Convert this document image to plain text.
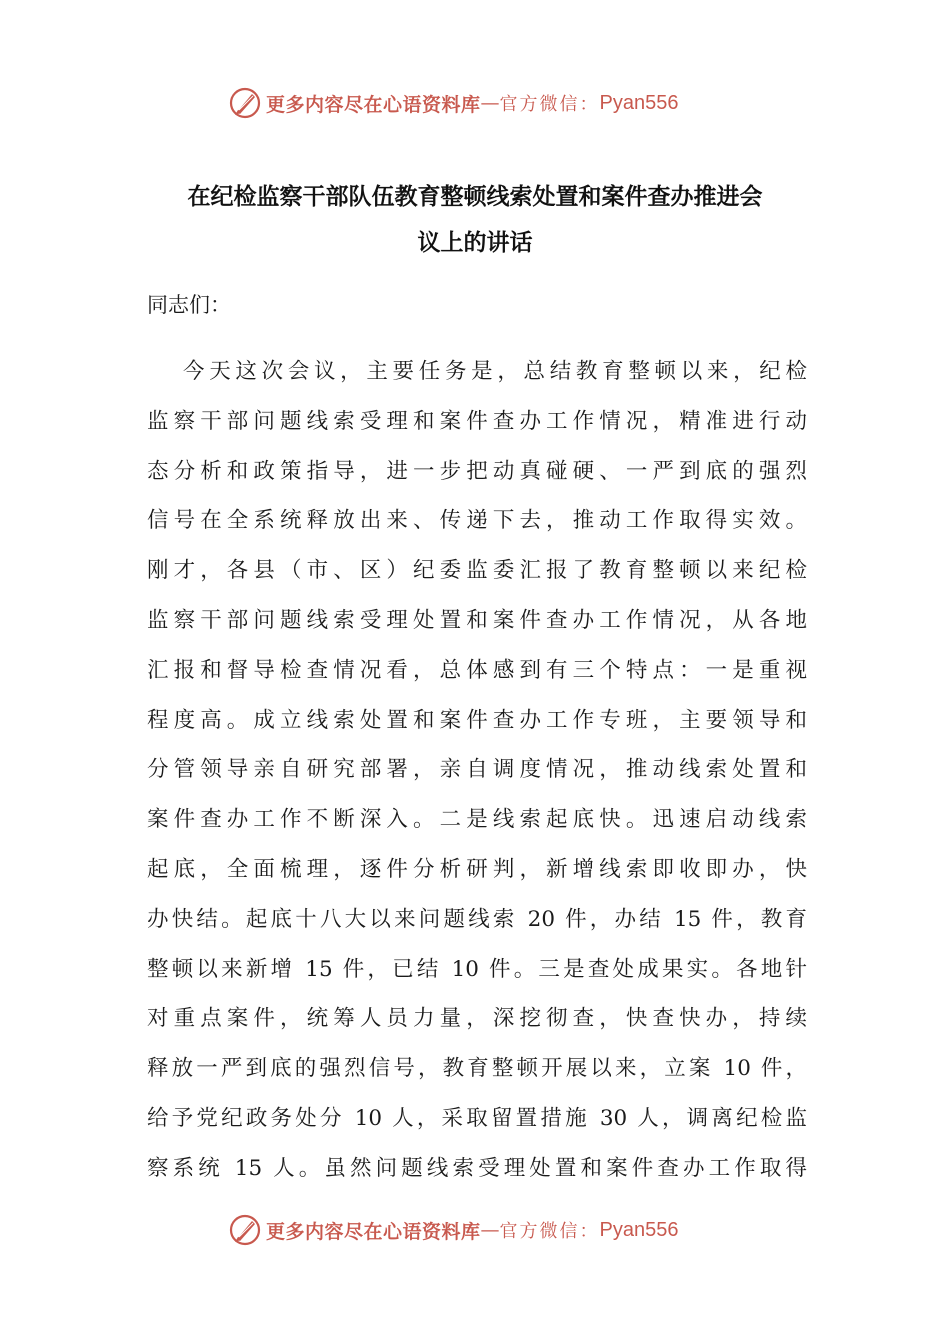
更多内容尽在心语资料库 — 官方微信： Pyan556
在纪检监察干部队伍教育整顿线索处置和案件查办推进会
议上的讲话

同志们：

今天这次会议，主要任务是，总结教育整顿以来，纪检
监察干部问题线索受理和案件查办工作情况，精准进行动
态分析和政策指导，进一步把动真碰硬、一严到底的强烈
信号在全系统释放出来、传递下去，推动工作取得实效。
刚才，各县（市、区）纪委监委汇报了教育整顿以来纪检
监察干部问题线索受理处置和案件查办工作情况，从各地
汇报和督导检查情况看，总体感到有三个特点：一是重视
程度高。成立线索处置和案件查办工作专班，主要领导和
分管领导亲自研究部署，亲自调度情况，推动线索处置和
案件查办工作不断深入。二是线索起底快。迅速启动线索
起底，全面梳理，逐件分析研判，新增线索即收即办，快
办快结。起底十八大以来问题线索 20 件，办结 15 件，教育
整顿以来新增 15 件，已结 10 件。三是查处成果实。各地针
对重点案件，统筹人员力量，深挖彻查，快查快办，持续
释放一严到底的强烈信号，教育整顿开展以来，立案 10 件，
给予党纪政务处分 10 人，采取留置措施 30 人，调离纪检监
察系统 15 人。虽然问题线索受理处置和案件查办工作取得
更多内容尽在心语资料库 — 官方微信： Pyan556
